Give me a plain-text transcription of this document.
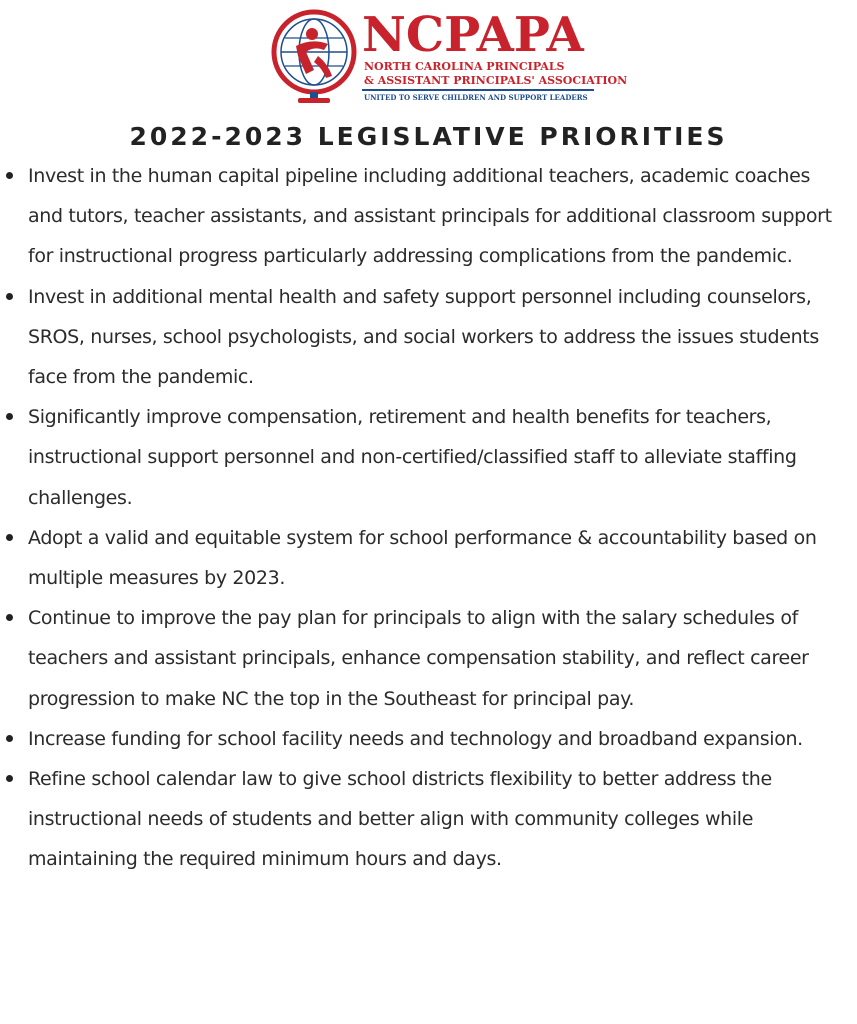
NCPAPA
NORTH CAROLINA PRINCIPALS
& ASSISTANT PRINCIPALS' ASSOCIATION
UNITED TO SERVE CHILDREN AND SUPPORT LEADERS
2022-2023 LEGISLATIVE PRIORITIES
Invest in the human capital pipeline including additional teachers, academic coaches and tutors, teacher assistants, and assistant principals for additional classroom support for instructional progress particularly addressing complications from the pandemic.
Invest in additional mental health and safety support personnel including counselors, SROS, nurses, school psychologists, and social workers to address the issues students face from the pandemic.
Significantly improve compensation, retirement and health benefits for teachers, instructional support personnel and non-certified/classified staff to alleviate staffing challenges.
Adopt a valid and equitable system for school performance & accountability based on multiple measures by 2023.
Continue to improve the pay plan for principals to align with the salary schedules of teachers and assistant principals, enhance compensation stability, and reflect career progression to make NC the top in the Southeast for principal pay.
Increase funding for school facility needs and technology and broadband expansion.
Refine school calendar law to give school districts flexibility to better address the instructional needs of students and better align with community colleges while maintaining the required minimum hours and days.
